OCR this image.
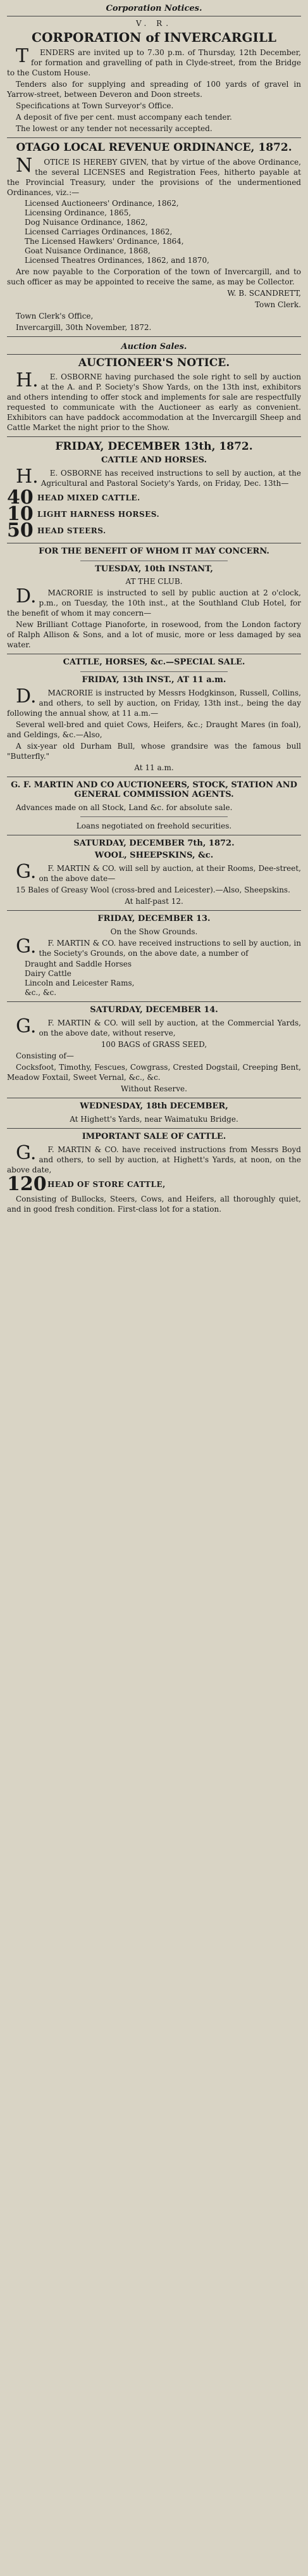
Corporation Notices.
V. R.
CORPORATION of INVERCARGILL

TENDERS are invited up to 7.30 p.m. of Thursday, 12th December, for formation and gravelling of path in Clyde-street, from the Bridge to the Custom House.

Tenders also for supplying and spreading of 100 yards of gravel in Yarrow-street, between Deveron and Doon streets.

Specifications at Town Surveyor's Office.

A deposit of five per cent. must accompany each tender.

The lowest or any tender not necessarily accepted.

OTAGO LOCAL REVENUE ORDINANCE, 1872.

NOTICE IS HEREBY GIVEN, that by virtue of the above Ordinance, the several LICENSES and Registration Fees, hitherto payable at the Provincial Treasury, under the provisions of the undermentioned Ordinances, viz.:—

Licensed Auctioneers' Ordinance, 1862,

Licensing Ordinance, 1865,

Dog Nuisance Ordinance, 1862,

Licensed Carriages Ordinances, 1862,

The Licensed Hawkers' Ordinance, 1864,

Goat Nuisance Ordinance, 1868,

Licensed Theatres Ordinances, 1862, and 1870,

Are now payable to the Corporation of the town of Invercargill, and to such officer as may be appointed to receive the same, as may be Collector.

W. B. SCANDRETT,

Town Clerk.

Town Clerk's Office,

Invercargill, 30th November, 1872.

Auction Sales.
AUCTIONEER'S NOTICE.

H.E. OSBORNE having purchased the sole right to sell by auction at the A. and P. Society's Show Yards, on the 13th inst, exhibitors and others intending to offer stock and implements for sale are respectfully requested to communicate with the Auctioneer as early as convenient. Exhibitors can have paddock accommodation at the Invercargill Sheep and Cattle Market the night prior to the Show.

FRIDAY, DECEMBER 13th, 1872.
CATTLE AND HORSES.

H.E. OSBORNE has received instructions to sell by auction, at the Agricultural and Pastoral Society's Yards, on Friday, Dec. 13th—

40 HEAD MIXED CATTLE.
10 LIGHT HARNESS HORSES.
50 HEAD STEERS.
FOR THE BENEFIT OF WHOM IT MAY CONCERN.
TUESDAY, 10th INSTANT,

AT THE CLUB.

D.MACRORIE is instructed to sell by public auction at 2 o'clock, p.m., on Tuesday, the 10th inst., at the Southland Club Hotel, for the benefit of whom it may concern—

New Brilliant Cottage Pianoforte, in rosewood, from the London factory of Ralph Allison & Sons, and a lot of music, more or less damaged by sea water.

CATTLE, HORSES, &c.—SPECIAL SALE.
FRIDAY, 13th INST., AT 11 a.m.

D.MACRORIE is instructed by Messrs Hodgkinson, Russell, Collins, and others, to sell by auction, on Friday, 13th inst., being the day following the annual show, at 11 a.m.—

Several well-bred and quiet Cows, Heifers, &c.; Draught Mares (in foal), and Geldings, &c.—Also,

A six-year old Durham Bull, whose grandsire was the famous bull "Butterfly."

At 11 a.m.

G. F. MARTIN AND CO AUCTIONEERS, STOCK, STATION AND GENERAL COMMISSION AGENTS.

Advances made on all Stock, Land &c. for absolute sale.

Loans negotiated on freehold securities.

SATURDAY, DECEMBER 7th, 1872.
WOOL, SHEEPSKINS, &c.

G.F. MARTIN & CO. will sell by auction, at their Rooms, Dee-street, on the above date—

15 Bales of Greasy Wool (cross-bred and Leicester).—Also, Sheepskins.

At half-past 12.

FRIDAY, DECEMBER 13.

On the Show Grounds.

G.F. MARTIN & CO. have received instructions to sell by auction, in the Society's Grounds, on the above date, a number of

Draught and Saddle Horses

Dairy Cattle

Lincoln and Leicester Rams,

&c., &c.

SATURDAY, DECEMBER 14.

G.F. MARTIN & CO. will sell by auction, at the Commercial Yards, on the above date, without reserve,

100 BAGS of GRASS SEED,

Consisting of—

Cocksfoot, Timothy, Fescues, Cowgrass, Crested Dogstail, Creeping Bent, Meadow Foxtail, Sweet Vernal, &c., &c.

Without Reserve.

WEDNESDAY, 18th DECEMBER,

At Highett's Yards, near Waimatuku Bridge.

IMPORTANT SALE OF CATTLE.

G.F. MARTIN & CO. have received instructions from Messrs Boyd and others, to sell by auction, at Highett's Yards, at noon, on the above date,

120 HEAD OF STORE CATTLE,

Consisting of Bullocks, Steers, Cows, and Heifers, all thoroughly quiet, and in good fresh condition. First-class lot for a station.
